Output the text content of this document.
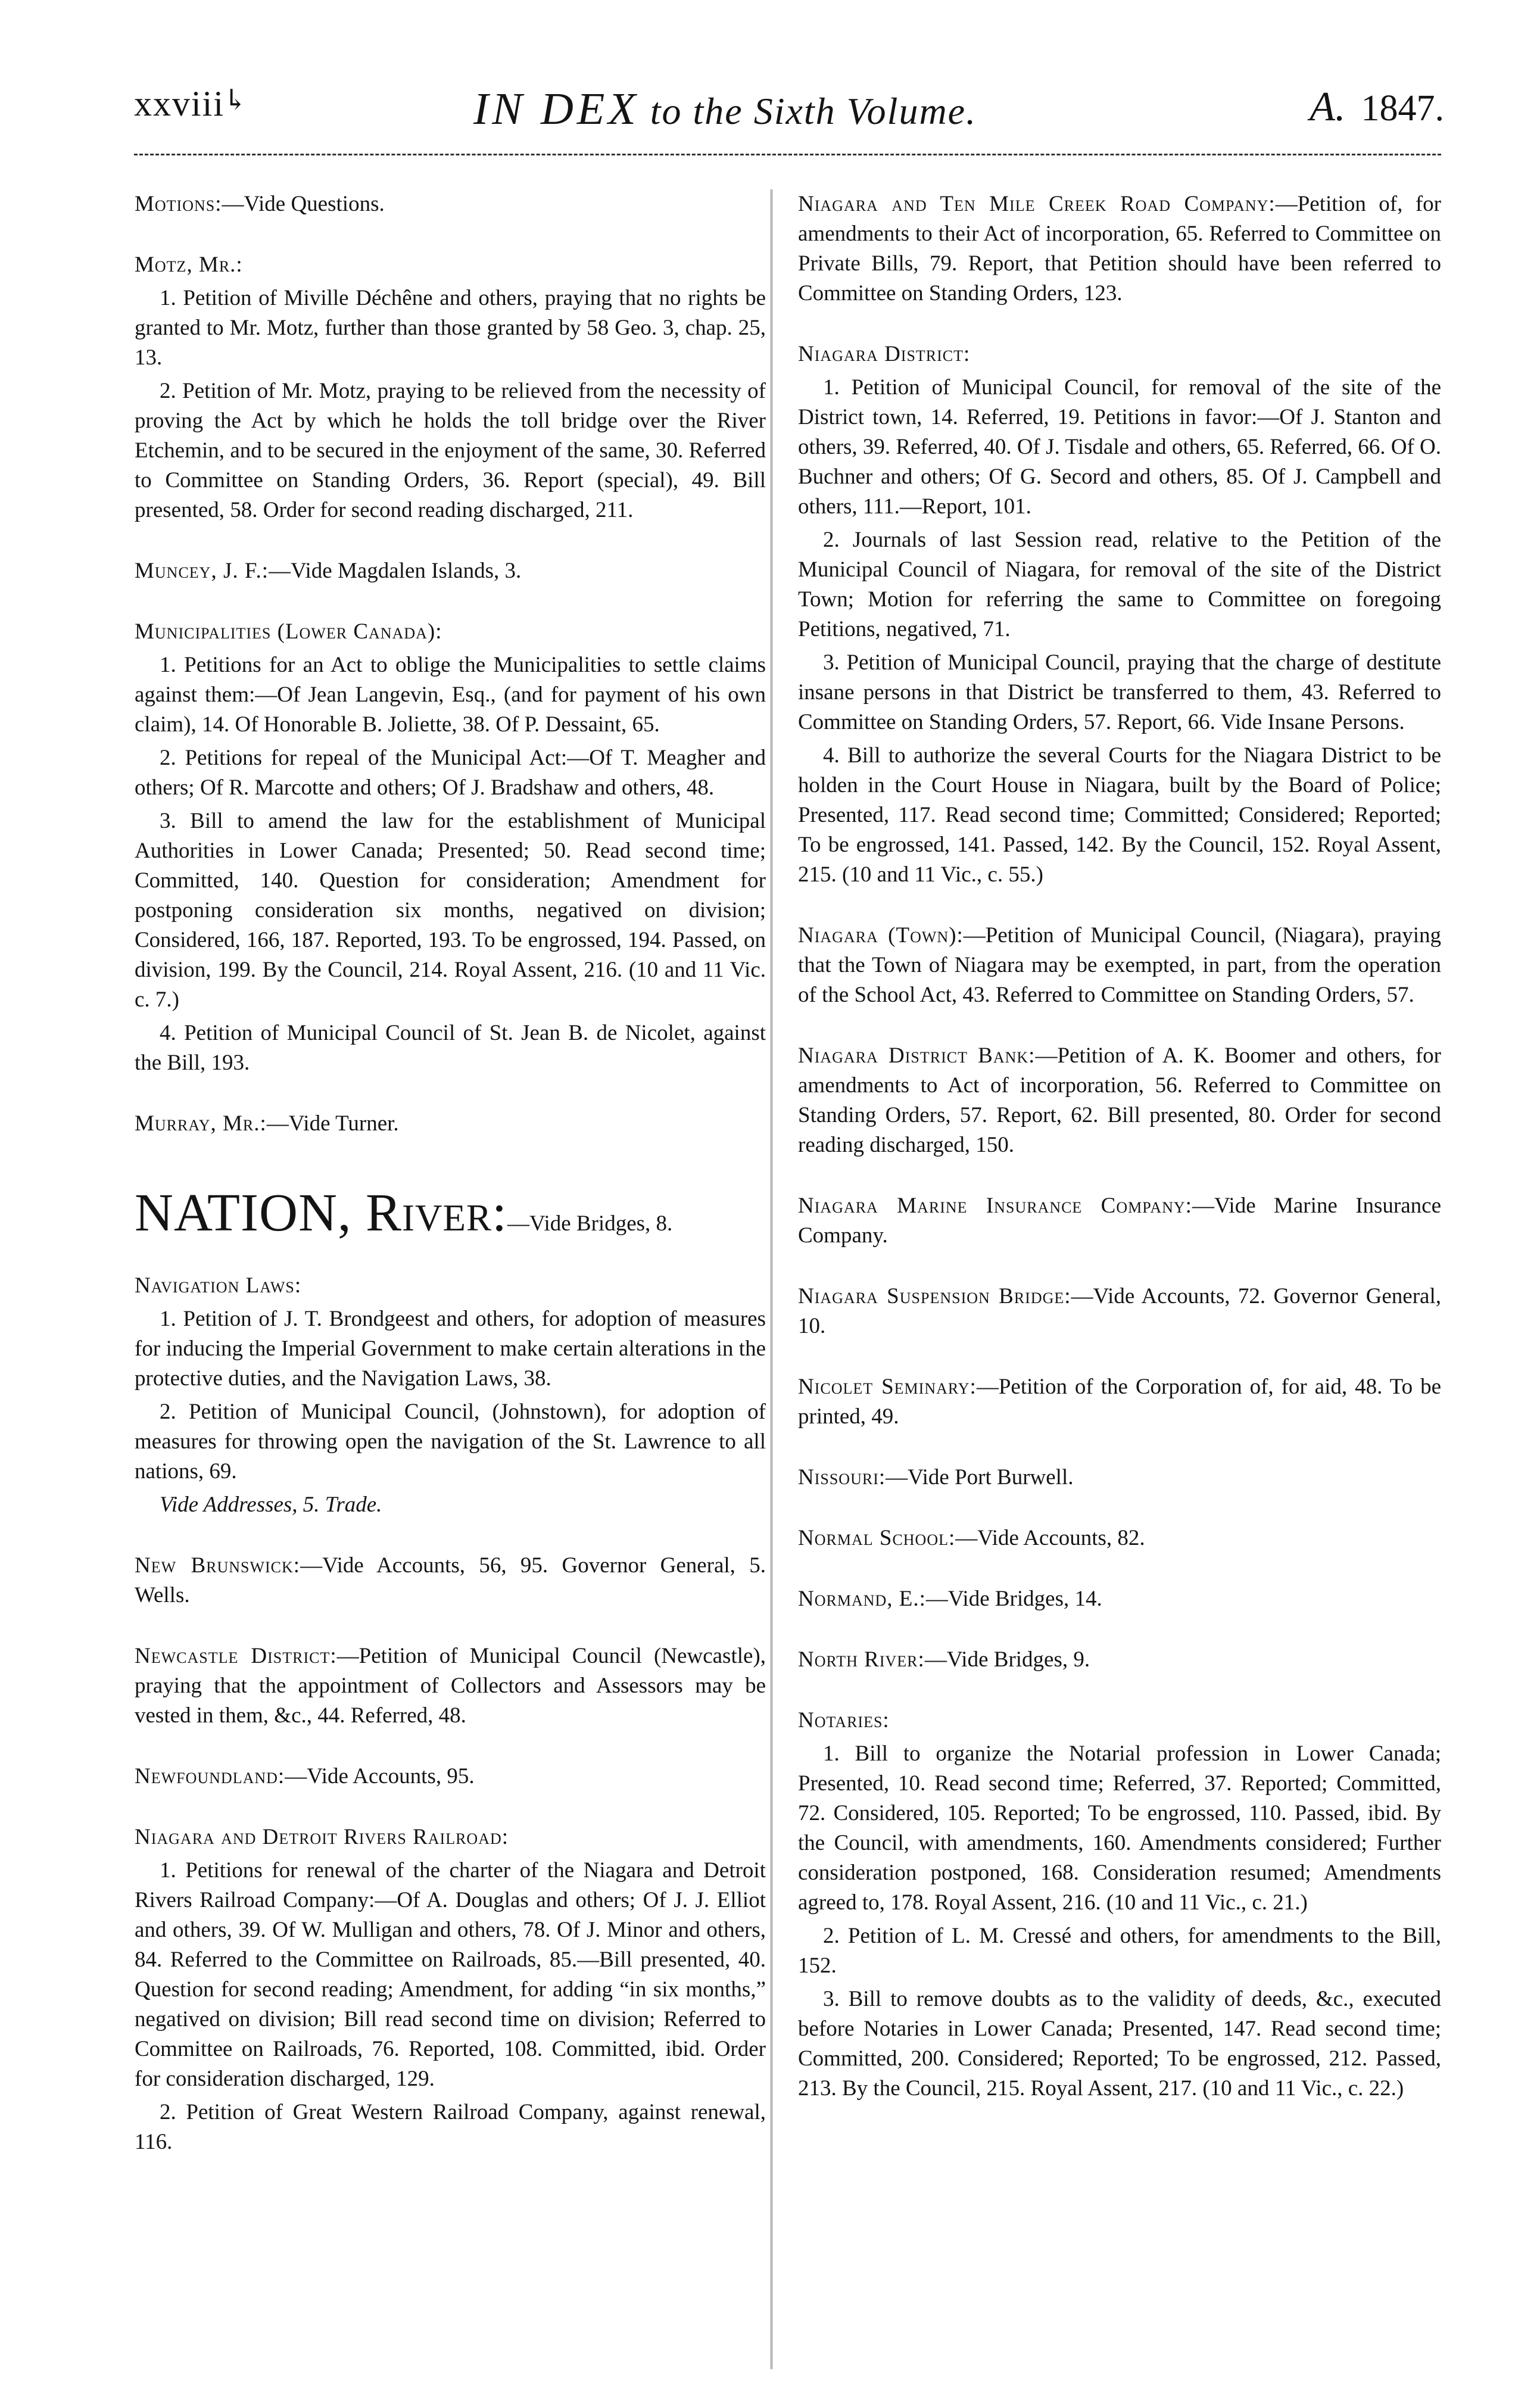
xxviii
↳	IN DEX to the Sixth Volume.	A. 1847.
Motions:—Vide Questions.
Motz, Mr.:

1. Petition of Miville Déchêne and others, praying that no rights be granted to Mr. Motz, further than those granted by 58 Geo. 3, chap. 25, 13.

2. Petition of Mr. Motz, praying to be relieved from the necessity of proving the Act by which he holds the toll bridge over the River Etchemin, and to be secured in the enjoyment of the same, 30. Referred to Committee on Standing Orders, 36. Report (special), 49. Bill presented, 58. Order for second reading discharged, 211.

Muncey, J. F.:—Vide Magdalen Islands, 3.
Municipalities (Lower Canada):

1. Petitions for an Act to oblige the Municipalities to settle claims against them:—Of Jean Langevin, Esq., (and for payment of his own claim), 14. Of Honorable B. Joliette, 38. Of P. Dessaint, 65.

2. Petitions for repeal of the Municipal Act:—Of T. Meagher and others; Of R. Marcotte and others; Of J. Bradshaw and others, 48.

3. Bill to amend the law for the establishment of Municipal Authorities in Lower Canada; Presented; 50. Read second time; Committed, 140. Question for consideration; Amendment for postponing consideration six months, negatived on division; Considered, 166, 187. Reported, 193. To be engrossed, 194. Passed, on division, 199. By the Council, 214. Royal Assent, 216. (10 and 11 Vic. c. 7.)

4. Petition of Municipal Council of St. Jean B. de Nicolet, against the Bill, 193.

Murray, Mr.:—Vide Turner.
NATION, River:—Vide Bridges, 8.
Navigation Laws:

1. Petition of J. T. Brondgeest and others, for adoption of measures for inducing the Imperial Government to make certain alterations in the protective duties, and the Navigation Laws, 38.

2. Petition of Municipal Council, (Johnstown), for adoption of measures for throwing open the navigation of the St. Lawrence to all nations, 69.

Vide Addresses, 5. Trade.

New Brunswick:—Vide Accounts, 56, 95. Governor General, 5. Wells.
Newcastle District:—Petition of Municipal Council (Newcastle), praying that the appointment of Collectors and Assessors may be vested in them, &c., 44. Referred, 48.
Newfoundland:—Vide Accounts, 95.
Niagara and Detroit Rivers Railroad:

1. Petitions for renewal of the charter of the Niagara and Detroit Rivers Railroad Company:—Of A. Douglas and others; Of J. J. Elliot and others, 39. Of W. Mulligan and others, 78. Of J. Minor and others, 84. Referred to the Committee on Railroads, 85.—Bill presented, 40. Question for second reading; Amendment, for adding “in six months,” negatived on division; Bill read second time on division; Referred to Committee on Railroads, 76. Reported, 108. Committed, ibid. Order for consideration discharged, 129.

2. Petition of Great Western Railroad Company, against renewal, 116.

Niagara and Ten Mile Creek Road Company:—Petition of, for amendments to their Act of incorporation, 65. Referred to Committee on Private Bills, 79. Report, that Petition should have been referred to Committee on Standing Orders, 123.
Niagara District:

1. Petition of Municipal Council, for removal of the site of the District town, 14. Referred, 19. Petitions in favor:—Of J. Stanton and others, 39. Referred, 40. Of J. Tisdale and others, 65. Referred, 66. Of O. Buchner and others; Of G. Secord and others, 85. Of J. Campbell and others, 111.—Report, 101.

2. Journals of last Session read, relative to the Petition of the Municipal Council of Niagara, for removal of the site of the District Town; Motion for referring the same to Committee on foregoing Petitions, negatived, 71.

3. Petition of Municipal Council, praying that the charge of destitute insane persons in that District be transferred to them, 43. Referred to Committee on Standing Orders, 57. Report, 66. Vide Insane Persons.

4. Bill to authorize the several Courts for the Niagara District to be holden in the Court House in Niagara, built by the Board of Police; Presented, 117. Read second time; Committed; Considered; Reported; To be engrossed, 141. Passed, 142. By the Council, 152. Royal Assent, 215. (10 and 11 Vic., c. 55.)

Niagara (Town):—Petition of Municipal Council, (Niagara), praying that the Town of Niagara may be exempted, in part, from the operation of the School Act, 43. Referred to Committee on Standing Orders, 57.
Niagara District Bank:—Petition of A. K. Boomer and others, for amendments to Act of incorporation, 56. Referred to Committee on Standing Orders, 57. Report, 62. Bill presented, 80. Order for second reading discharged, 150.
Niagara Marine Insurance Company:—Vide Marine Insurance Company.
Niagara Suspension Bridge:—Vide Accounts, 72. Governor General, 10.
Nicolet Seminary:—Petition of the Corporation of, for aid, 48. To be printed, 49.
Nissouri:—Vide Port Burwell.
Normal School:—Vide Accounts, 82.
Normand, E.:—Vide Bridges, 14.
North River:—Vide Bridges, 9.
Notaries:

1. Bill to organize the Notarial profession in Lower Canada; Presented, 10. Read second time; Referred, 37. Reported; Committed, 72. Considered, 105. Reported; To be engrossed, 110. Passed, ibid. By the Council, with amendments, 160. Amendments considered; Further consideration postponed, 168. Consideration resumed; Amendments agreed to, 178. Royal Assent, 216. (10 and 11 Vic., c. 21.)

2. Petition of L. M. Cressé and others, for amendments to the Bill, 152.

3. Bill to remove doubts as to the validity of deeds, &c., executed before Notaries in Lower Canada; Presented, 147. Read second time; Committed, 200. Considered; Reported; To be engrossed, 212. Passed, 213. By the Council, 215. Royal Assent, 217. (10 and 11 Vic., c. 22.)
